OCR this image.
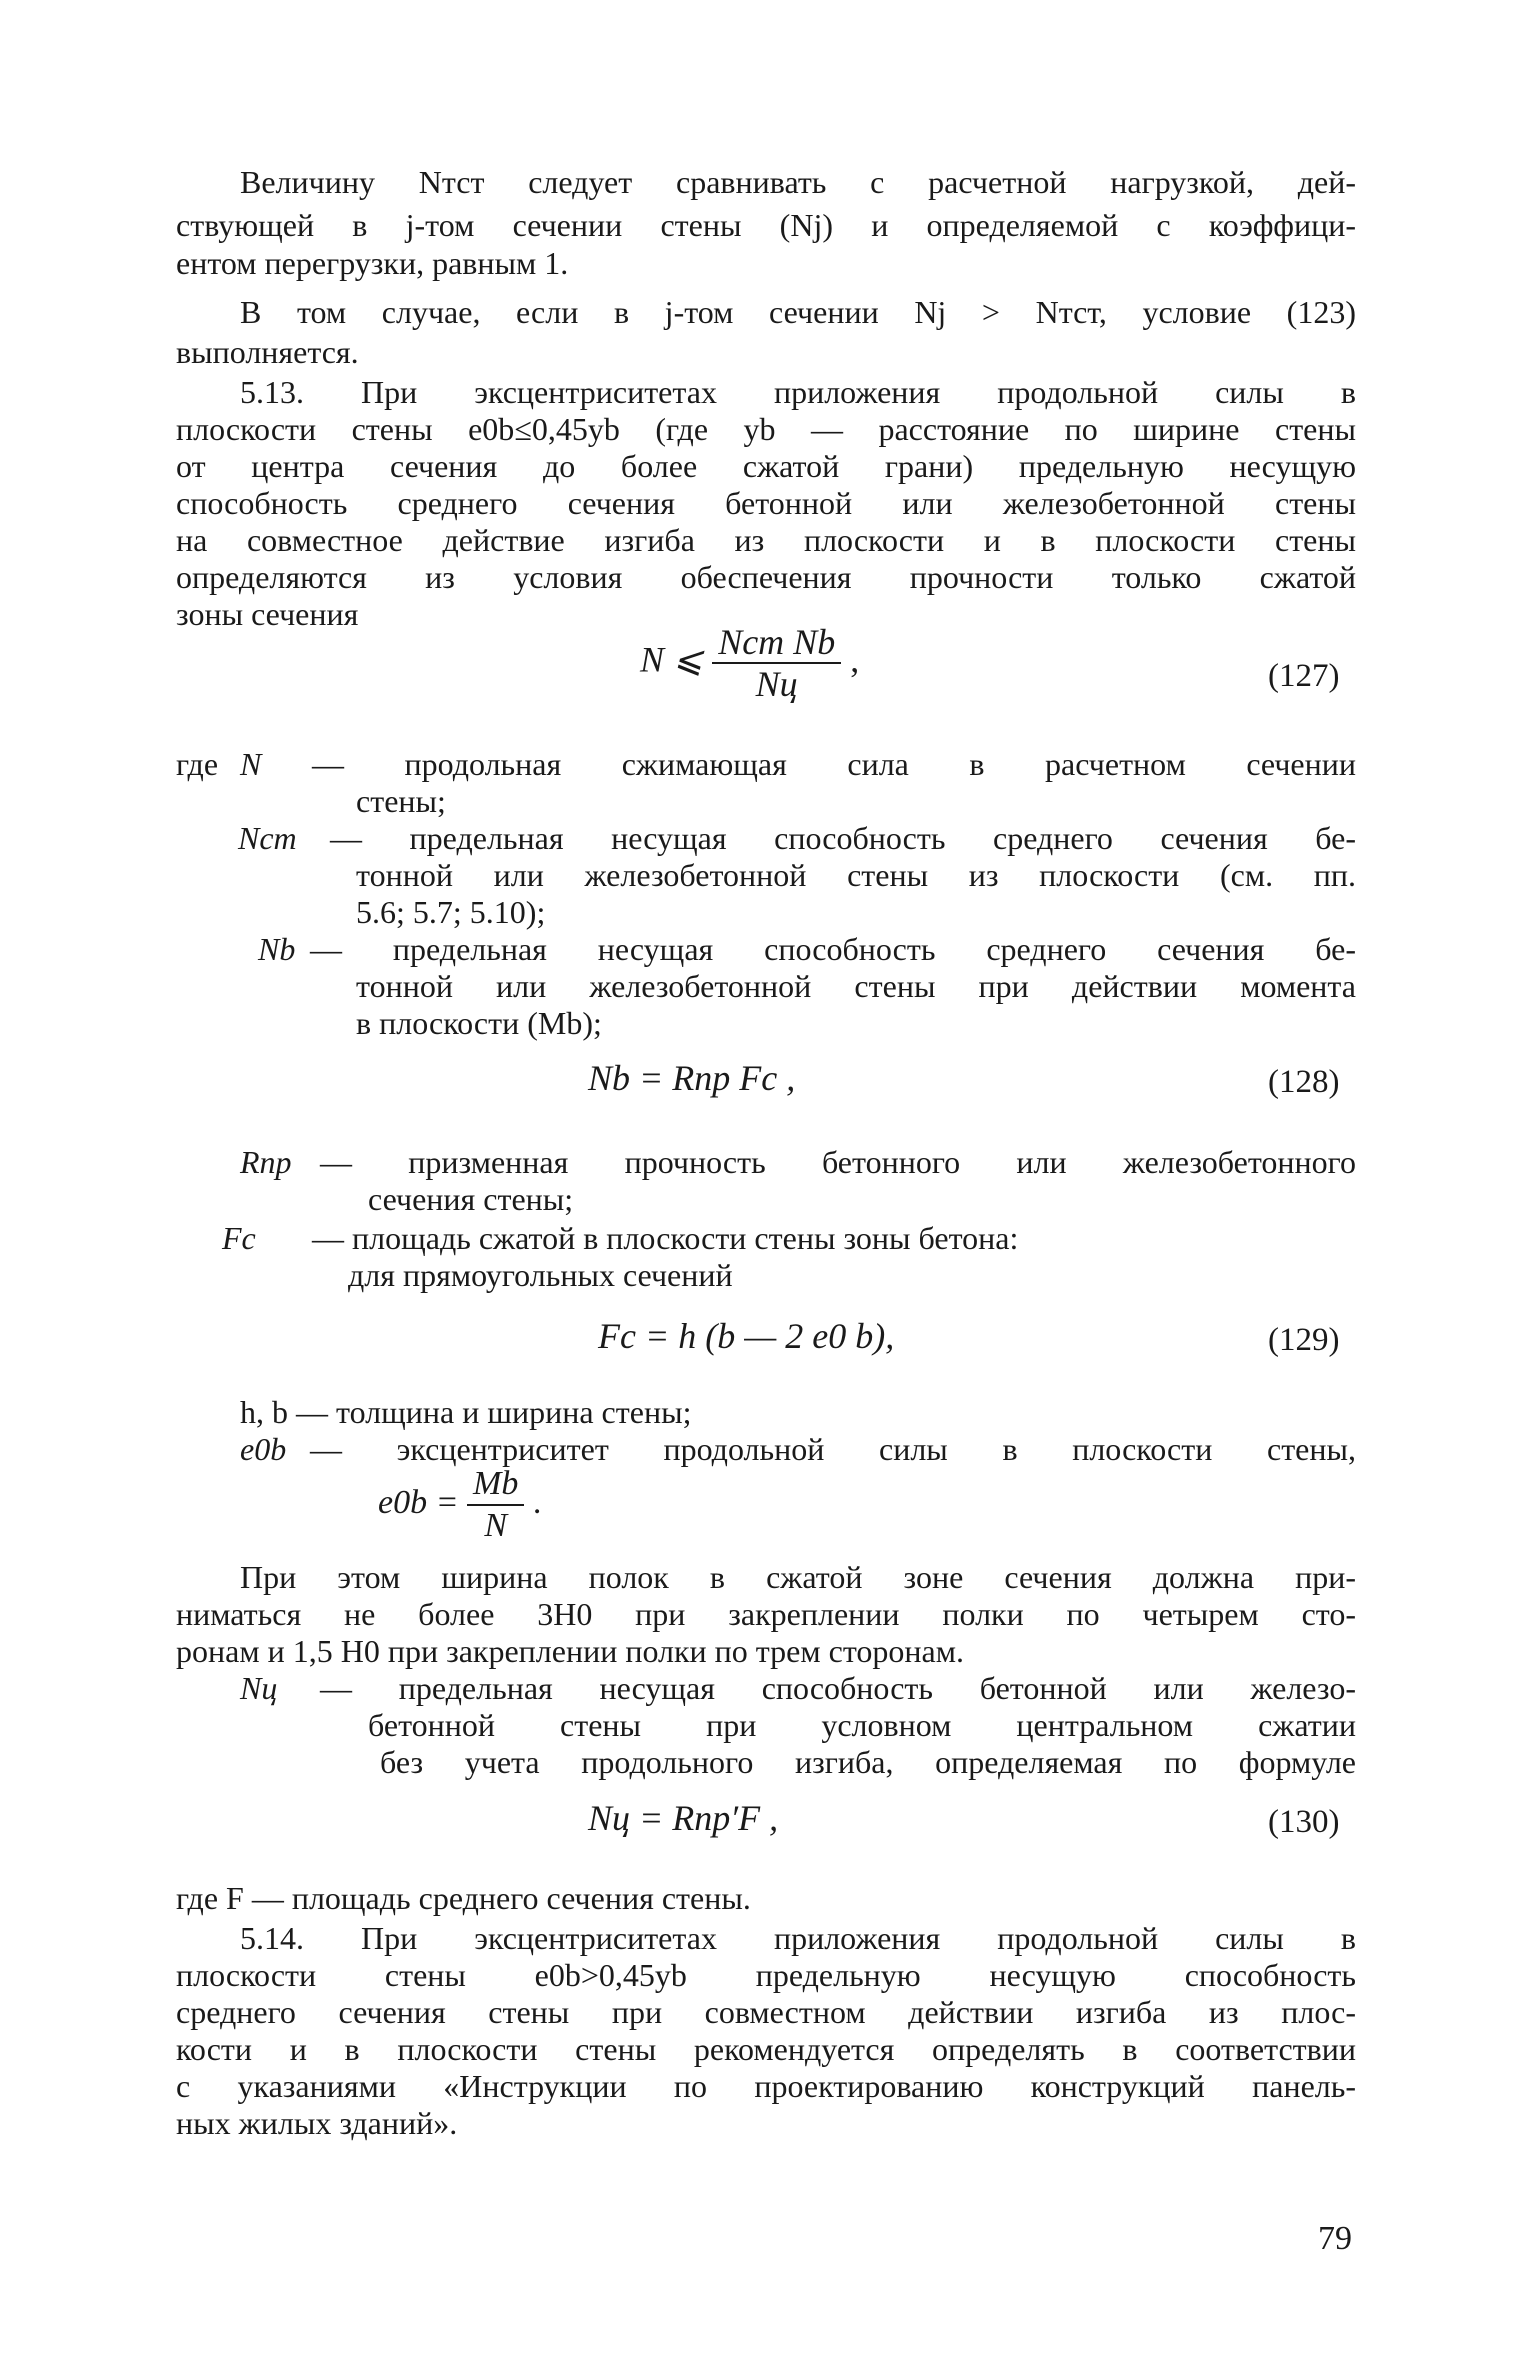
Величину Nтст следует сравнивать с расчетной нагрузкой, дей-
ствующей в j-том сечении стены (Nj) и определяемой с коэффици-
ентом перегрузки, равным 1.
В том случае, если в j-том сечении Nj > Nтст, условие (123)
выполняется.
5.13. При эксцентриситетах приложения продольной силы в
плоскости стены e0b≤0,45yb (где yb — расстояние по ширине стены
от центра сечения до более сжатой грани) предельную несущую
способность среднего сечения бетонной или железобетонной стены
на совместное действие изгиба из плоскости и в плоскости стены
определяются из условия обеспечения прочности только сжатой
зоны сечения
N ⩽ $\frac{\text{Nст Nb}}{Nц}$ ,	(127)
где N — продольная сжимающая сила в расчетном сечении
стены;
Nст — предельная несущая способность среднего сечения бе-
тонной или железобетонной стены из плоскости (см. пп.
5.6; 5.7; 5.10);
Nb — предельная несущая способность среднего сечения бе-
тонной или железобетонной стены при действии момента
в плоскости (Mb);
Nb = Rпр Fс ,	(128)
Rпр — призменная прочность бетонного или железобетонного
сечения стены;
Fс — площадь сжатой в плоскости стены зоны бетона:
для прямоугольных сечений
Fс = h (b — 2 e0 b),	(129)
h, b — толщина и ширина стены;
e0b — эксцентриситет продольной силы в плоскости стены,
$e0b = \frac{Mb}{N}$ .
При этом ширина полок в сжатой зоне сечения должна при-
ниматься не более 3H0 при закреплении полки по четырем сто-
ронам и 1,5 H0 при закреплении полки по трем сторонам.
Nц — предельная несущая способность бетонной или железо-
бетонной стены при условном центральном сжатии
без учета продольного изгиба, определяемая по формуле
Nц = Rпр′F ,	(130)
где F — площадь среднего сечения стены.
5.14. При эксцентриситетах приложения продольной силы в
плоскости стены e0b>0,45yb предельную несущую способность
среднего сечения стены при совместном действии изгиба из плос-
кости и в плоскости стены рекомендуется определять в соответствии
с указаниями «Инструкции по проектированию конструкций панель-
ных жилых зданий».
79
